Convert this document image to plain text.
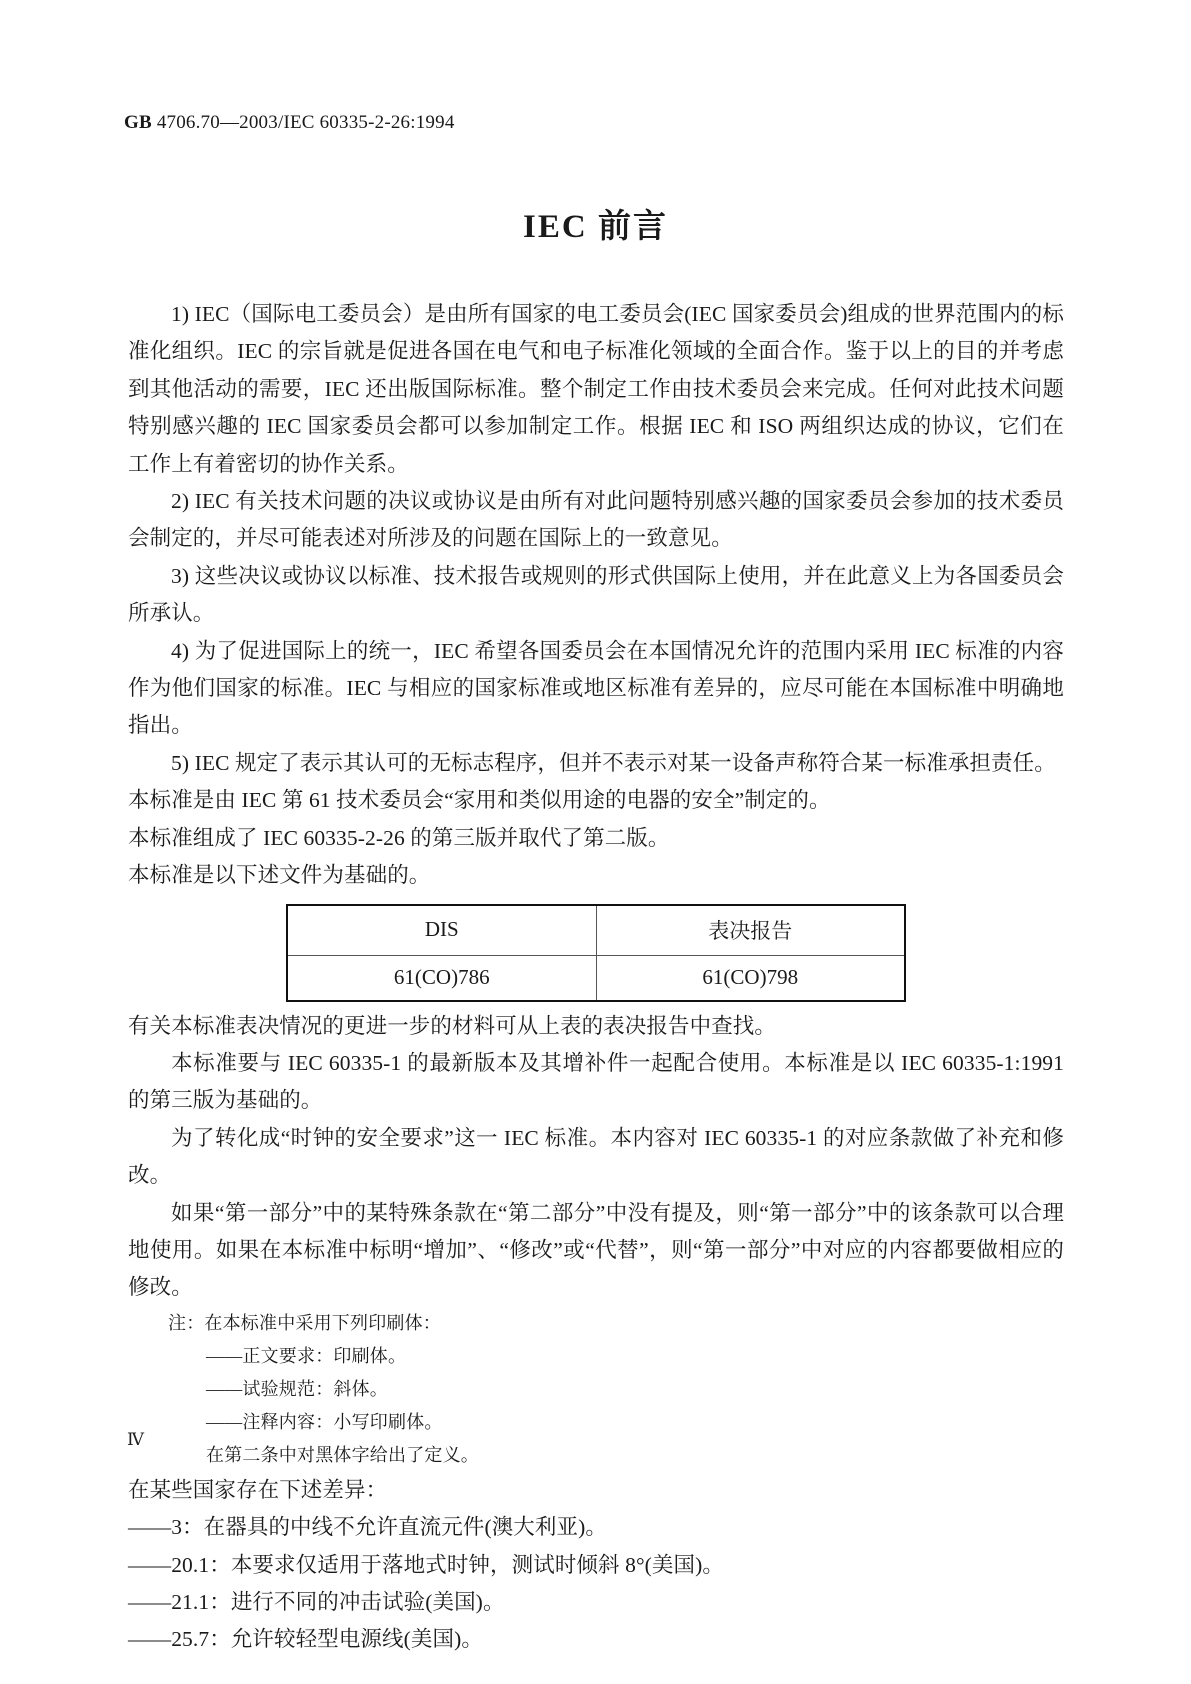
GB 4706.70—2003/IEC 60335-2-26:1994
IEC 前言

1) IEC（国际电工委员会）是由所有国家的电工委员会(IEC 国家委员会)组成的世界范围内的标准化组织。IEC 的宗旨就是促进各国在电气和电子标准化领域的全面合作。鉴于以上的目的并考虑到其他活动的需要，IEC 还出版国际标准。整个制定工作由技术委员会来完成。任何对此技术问题特别感兴趣的 IEC 国家委员会都可以参加制定工作。根据 IEC 和 ISO 两组织达成的协议，它们在工作上有着密切的协作关系。

2) IEC 有关技术问题的决议或协议是由所有对此问题特别感兴趣的国家委员会参加的技术委员会制定的，并尽可能表述对所涉及的问题在国际上的一致意见。

3) 这些决议或协议以标准、技术报告或规则的形式供国际上使用，并在此意义上为各国委员会所承认。

4) 为了促进国际上的统一，IEC 希望各国委员会在本国情况允许的范围内采用 IEC 标准的内容作为他们国家的标准。IEC 与相应的国家标准或地区标准有差异的，应尽可能在本国标准中明确地指出。

5) IEC 规定了表示其认可的无标志程序，但并不表示对某一设备声称符合某一标准承担责任。

本标准是由 IEC 第 61 技术委员会“家用和类似用途的电器的安全”制定的。

本标准组成了 IEC 60335-2-26 的第三版并取代了第二版。

本标准是以下述文件为基础的。

DIS	表决报告
61(CO)786	61(CO)798

有关本标准表决情况的更进一步的材料可从上表的表决报告中查找。

本标准要与 IEC 60335-1 的最新版本及其增补件一起配合使用。本标准是以 IEC 60335-1:1991 的第三版为基础的。

为了转化成“时钟的安全要求”这一 IEC 标准。本内容对 IEC 60335-1 的对应条款做了补充和修改。

如果“第一部分”中的某特殊条款在“第二部分”中没有提及，则“第一部分”中的该条款可以合理地使用。如果在本标准中标明“增加”、“修改”或“代替”，则“第一部分”中对应的内容都要做相应的修改。

注：在本标准中采用下列印刷体：

——正文要求：印刷体。

——试验规范：斜体。

——注释内容：小写印刷体。

在第二条中对黑体字给出了定义。

在某些国家存在下述差异：

——3：在器具的中线不允许直流元件(澳大利亚)。

——20.1：本要求仅适用于落地式时钟，测试时倾斜 8°(美国)。

——21.1：进行不同的冲击试验(美国)。

——25.7：允许较轻型电源线(美国)。

Ⅳ
